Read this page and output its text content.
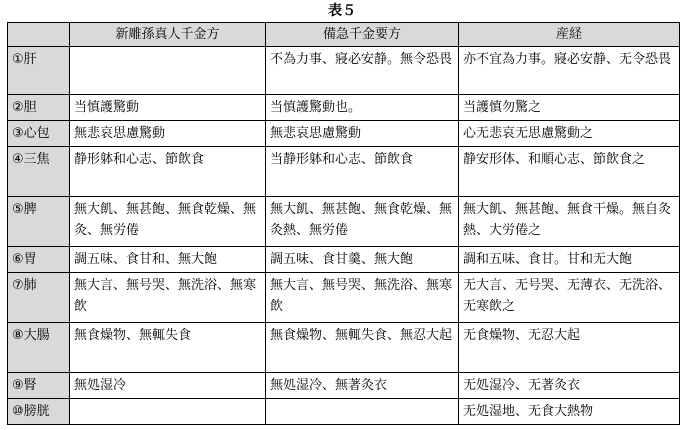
表５
	新雕孫真人千金方	備急千金要方	産経
①肝		不為力事、寢必安静。無令恐畏	亦不宜為力事。寢必安静、无令恐畏
②胆	当慎護驚動	当慎護驚動也。	当護慎勿驚之
③心包	無悲哀思慮驚動	無悲哀思慮驚動	心无悲哀无思慮驚動之
④三焦	静形躰和心志、節飲食	当静形躰和心志、節飲食	静安形体、和順心志、節飲食之
⑤脾	無大飢、無甚飽、無食乾燥、無灸、無労倦	無大飢、無甚飽、無食乾燥、無灸熱、無労倦	無大飢、無甚飽、無食干燥。無自灸熱、大労倦之
⑥胃	調五味、食甘和、無大飽	調五味、食甘羹、無大飽	調和五味、食甘。甘和无大飽
⑦肺	無大言、無号哭、無洗浴、無寒飲	無大言、無号哭、無洗浴、無寒飲	无大言、无号哭、无薄衣、无洗浴、无寒飲之
⑧大腸	無食燥物、無輒失食	無食燥物、無輒失食、無忍大起	无食燥物、无忍大起
⑨腎	無処湿冷	無処湿冷、無著灸衣	无処湿冷、无著灸衣
⑩膀胱			无処湿地、无食大熱物
